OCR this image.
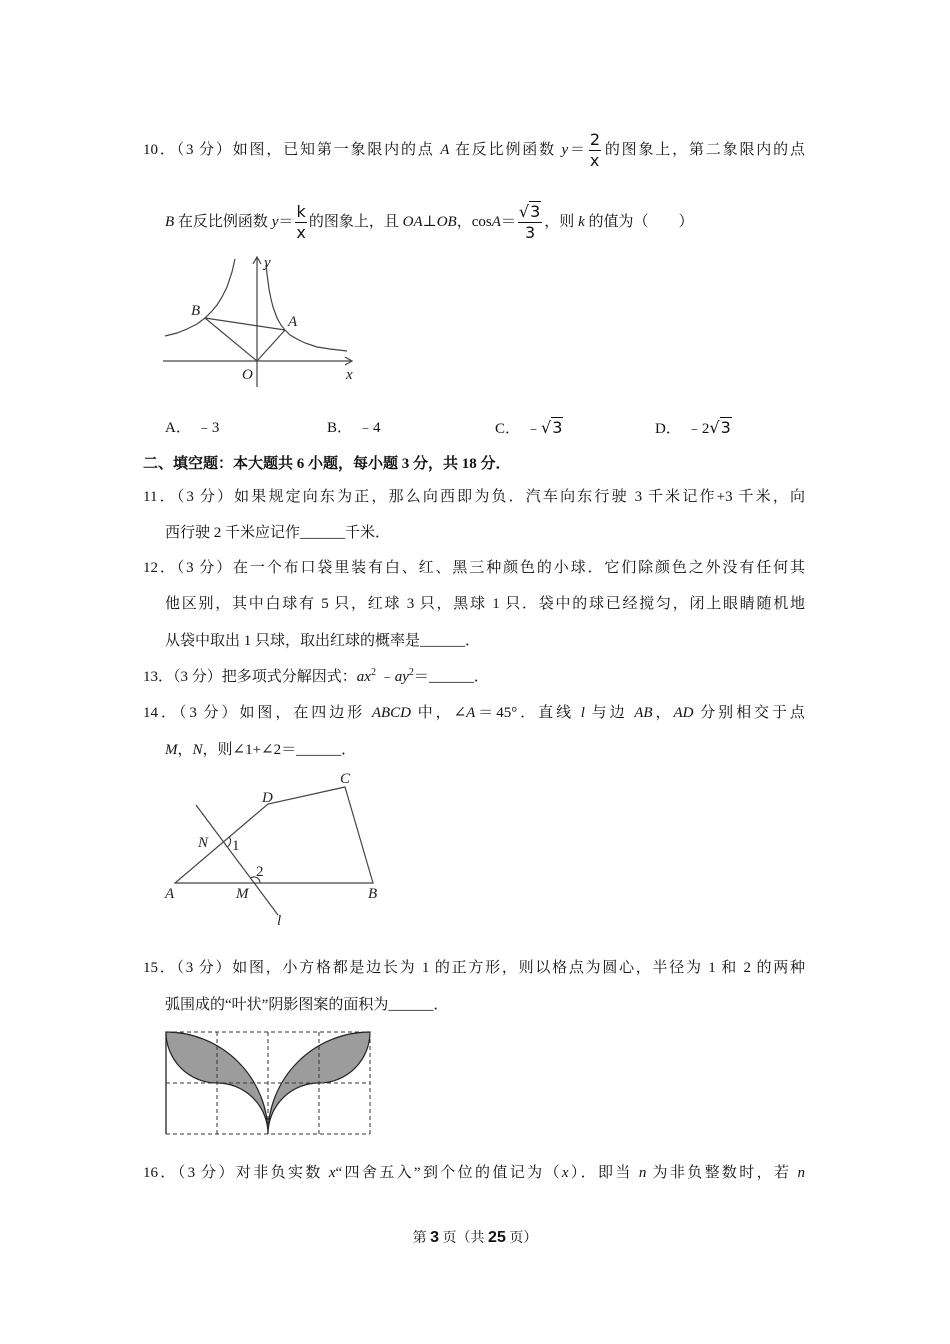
10．（3 分）如图，已知第一象限内的点 A 在反比例函数 $y= \frac{2}{x}$ 的图象上，第二象限内的点
B 在反比例函数 $y= \frac{k}{x}$ 的图象上，且 OA⊥OB，$\cos A= \frac{√3}{3}$ ，则 k 的值为（　　）
y
B
A
O	x
A． ﹣3	B． ﹣4	C． ﹣√3	D． ﹣2√3
二、填空题：本大题共 6 小题，每小题 3 分，共 18 分．
11．（3 分）如果规定向东为正，那么向西即为负．汽车向东行驶 3 千米记作+3 千米，向
西行驶 2 千米应记作______千米．
12．（3 分）在一个布口袋里装有白、红、黑三种颜色的小球．它们除颜色之外没有任何其
他区别，其中白球有 5 只，红球 3 只，黑球 1 只．袋中的球已经搅匀，闭上眼睛随机地
从袋中取出 1 只球，取出红球的概率是______．
13．（3 分）把多项式分解因式：$ax^2$ $﹣ay^2=\_\_\_\_\_\_$．
14．（3 分）如图，在四边形 ABCD 中，∠A＝45°．直线 l 与边 AB，AD 分别相交于点
M，N，则∠1+∠2＝______．
C
D
N 1
2
A	M	B
l
15．（3 分）如图，小方格都是边长为 1 的正方形，则以格点为圆心，半径为 1 和 2 的两种
弧围成的“叶状”阴影图案的面积为______．
16．（3 分）对非负实数 x“四舍五入”到个位的值记为（x）．即当 n 为非负整数时，若 n
第 3 页（共 25 页）
